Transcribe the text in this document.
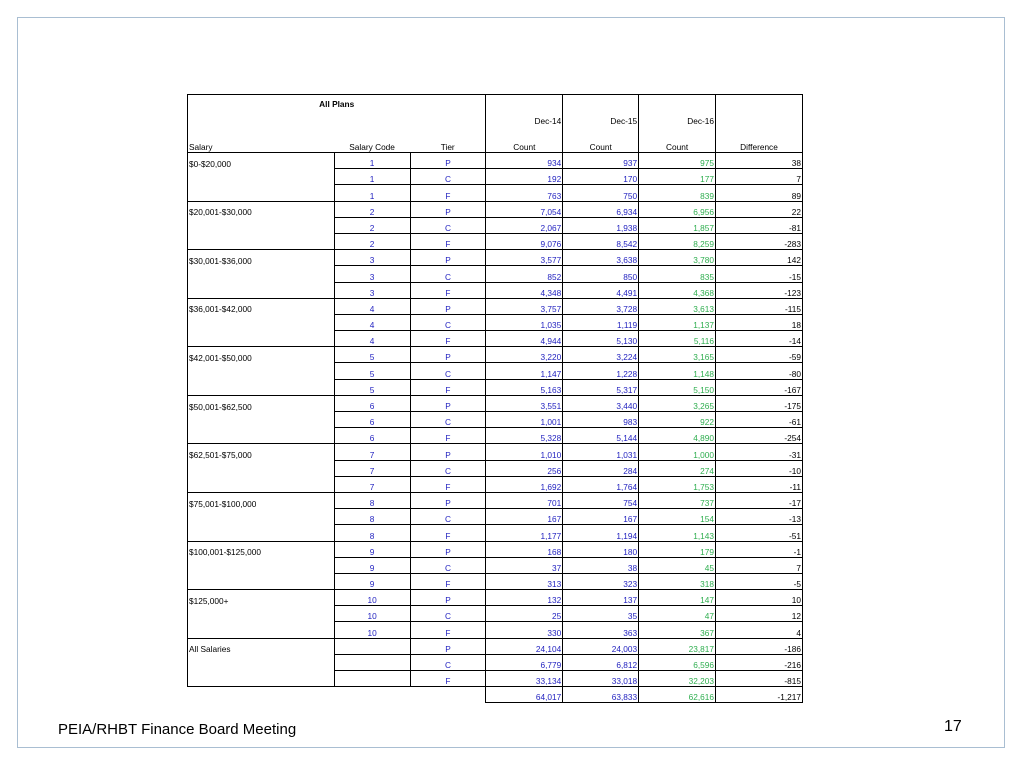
All Plans						
			Dec-14	Dec-15	Dec-16	
Salary	Salary Code	Tier	Count	Count	Count	Difference
$0-$20,000	1	P	934	937	975	38
	1	C	192	170	177	7
	1	F	763	750	839	89
$20,001-$30,000	2	P	7,054	6,934	6,956	22
	2	C	2,067	1,938	1,857	-81
	2	F	9,076	8,542	8,259	-283
$30,001-$36,000	3	P	3,577	3,638	3,780	142
	3	C	852	850	835	-15
	3	F	4,348	4,491	4,368	-123
$36,001-$42,000	4	P	3,757	3,728	3,613	-115
	4	C	1,035	1,119	1,137	18
	4	F	4,944	5,130	5,116	-14
$42,001-$50,000	5	P	3,220	3,224	3,165	-59
	5	C	1,147	1,228	1,148	-80
	5	F	5,163	5,317	5,150	-167
$50,001-$62,500	6	P	3,551	3,440	3,265	-175
	6	C	1,001	983	922	-61
	6	F	5,328	5,144	4,890	-254
$62,501-$75,000	7	P	1,010	1,031	1,000	-31
	7	C	256	284	274	-10
	7	F	1,692	1,764	1,753	-11
$75,001-$100,000	8	P	701	754	737	-17
	8	C	167	167	154	-13
	8	F	1,177	1,194	1,143	-51
$100,001-$125,000	9	P	168	180	179	-1
	9	C	37	38	45	7
	9	F	313	323	318	-5
$125,000+	10	P	132	137	147	10
	10	C	25	35	47	12
	10	F	330	363	367	4
All Salaries		P	24,104	24,003	23,817	-186
		C	6,779	6,812	6,596	-216
		F	33,134	33,018	32,203	-815
			64,017	63,833	62,616	-1,217
PEIA/RHBT Finance Board Meeting	17
